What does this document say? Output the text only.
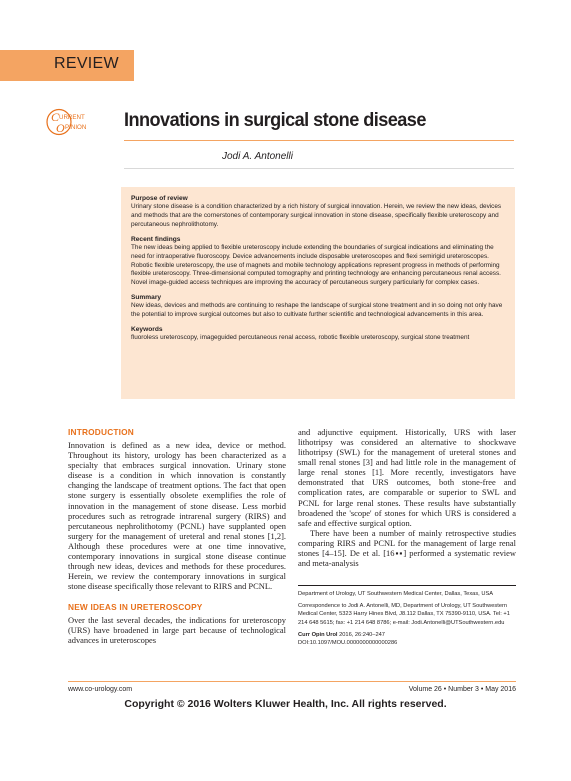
REVIEW
C
O
URRENT
PINION Innovations in surgical stone disease

Jodi A. Antonelli

Purpose of review

Urinary stone disease is a condition characterized by a rich history of surgical innovation. Herein, we review the new ideas, devices and methods that are the cornerstones of contemporary surgical innovation in stone disease, specifically flexible ureteroscopy and percutaneous nephrolithotomy.

Recent findings

The new ideas being applied to flexible ureteroscopy include extending the boundaries of surgical indications and eliminating the need for intraoperative fluoroscopy. Device advancements include disposable ureteroscopes and flexi semirigid ureteroscopes. Robotic flexible ureteroscopy, the use of magnets and mobile technology applications represent progress in methods of performing flexible ureteroscopy. Three-dimensional computed tomography and printing technology are enhancing percutaneous renal access. Novel image-guided access techniques are improving the accuracy of percutaneous surgery particularly for complex cases.

Summary

New ideas, devices and methods are continuing to reshape the landscape of surgical stone treatment and in so doing not only have the potential to improve surgical outcomes but also to cultivate further scientific and technological advancements in this area.

Keywords

fluoroless ureteroscopy, imageguided percutaneous renal access, robotic flexible ureteroscopy, surgical stone treatment

INTRODUCTION

Innovation is defined as a new idea, device or method. Throughout its history, urology has been characterized as a specialty that embraces surgical innovation. Urinary stone disease is a condition in which innovation is constantly changing the landscape of treatment options. The fact that open stone surgery is essentially obsolete exemplifies the role of innovation in the management of stone disease. Less morbid procedures such as retrograde intrarenal surgery (RIRS) and percutaneous nephrolithotomy (PCNL) have supplanted open surgery for the management of ureteral and renal stones [1,2]. Although these procedures were at one time innovative, contemporary innovations in surgical stone disease continue through new ideas, devices and methods for these procedures. Herein, we review the contemporary innovations in surgical stone disease specifically those relevant to RIRS and PCNL.

NEW IDEAS IN URETEROSCOPY

Over the last several decades, the indications for ureteroscopy (URS) have broadened in large part because of technological advances in ureteroscopes

and adjunctive equipment. Historically, URS with laser lithotripsy was considered an alternative to shockwave lithotripsy (SWL) for the management of ureteral stones and small renal stones [3] and had little role in the management of large renal stones [1]. More recently, investigators have demonstrated that URS outcomes, both stone-free and complication rates, are comparable or superior to SWL and PCNL for large renal stones. These results have substantially broadened the 'scope' of stones for which URS is considered a safe and effective surgical option.

There have been a number of mainly retrospective studies comparing RIRS and PCNL for the management of large renal stones [4–15]. De et al. [16▪▪] performed a systematic review and meta-analysis

Department of Urology, UT Southwestern Medical Center, Dallas, Texas, USA

Correspondence to Jodi A. Antonelli, MD, Department of Urology, UT Southwestern Medical Center, 5323 Harry Hines Blvd, J8.112 Dallas, TX 75390-9110, USA. Tel: +1 214 648 5615; fax: +1 214 648 8786; e-mail: Jodi.Antonelli@UTSouthwestern.edu

Curr Opin Urol 2016, 26:240–247

DOI:10.1097/MOU.0000000000000286

www.co-urology.com	Volume 26 • Number 3 • May 2016
Copyright © 2016 Wolters Kluwer Health, Inc. All rights reserved.
